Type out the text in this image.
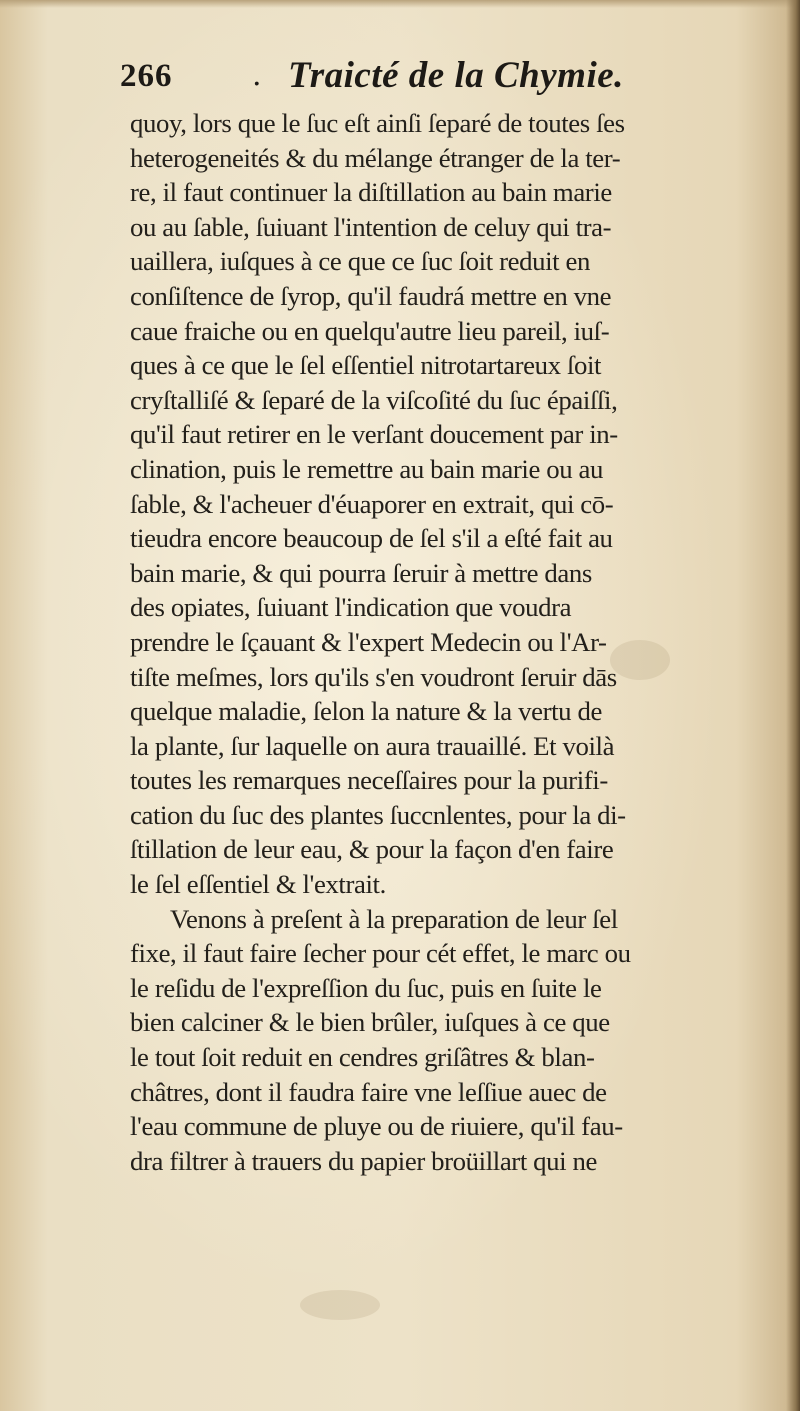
266	. Traicté de la Chymie.
quoy, lors que le ſuc eſt ainſi ſeparé de toutes ſes
heterogeneités & du mélange étranger de la ter-
re, il faut continuer la diſtillation au bain marie
ou au ſable, ſuiuant l'intention de celuy qui tra-
uaillera, iuſques à ce que ce ſuc ſoit reduit en
conſiſtence de ſyrop, qu'il faudrá mettre en vne
caue fraiche ou en quelqu'autre lieu pareil, iuſ-
ques à ce que le ſel eſſentiel nitrotartareux ſoit
cryſtalliſé & ſeparé de la viſcoſité du ſuc épaiſſi,
qu'il faut retirer en le verſant doucement par in-
clination, puis le remettre au bain marie ou au
ſable, & l'acheuer d'éuaporer en extrait, qui cō-
tieudra encore beaucoup de ſel s'il a eſté fait au
bain marie, & qui pourra ſeruir à mettre dans
des opiates, ſuiuant l'indication que voudra
prendre le ſçauant & l'expert Medecin ou l'Ar-
tiſte meſmes, lors qu'ils s'en voudront ſeruir dās
quelque maladie, ſelon la nature & la vertu de
la plante, ſur laquelle on aura trauaillé. Et voilà
toutes les remarques neceſſaires pour la purifi-
cation du ſuc des plantes ſuccnlentes, pour la di-
ſtillation de leur eau, & pour la façon d'en faire
le ſel eſſentiel & l'extrait.
Venons à preſent à la preparation de leur ſel
fixe, il faut faire ſecher pour cét effet, le marc ou
le reſidu de l'expreſſion du ſuc, puis en ſuite le
bien calciner & le bien brûler, iuſques à ce que
le tout ſoit reduit en cendres griſâtres & blan-
châtres, dont il faudra faire vne leſſiue auec de
l'eau commune de pluye ou de riuiere, qu'il fau-
dra filtrer à trauers du papier broüillart qui ne
